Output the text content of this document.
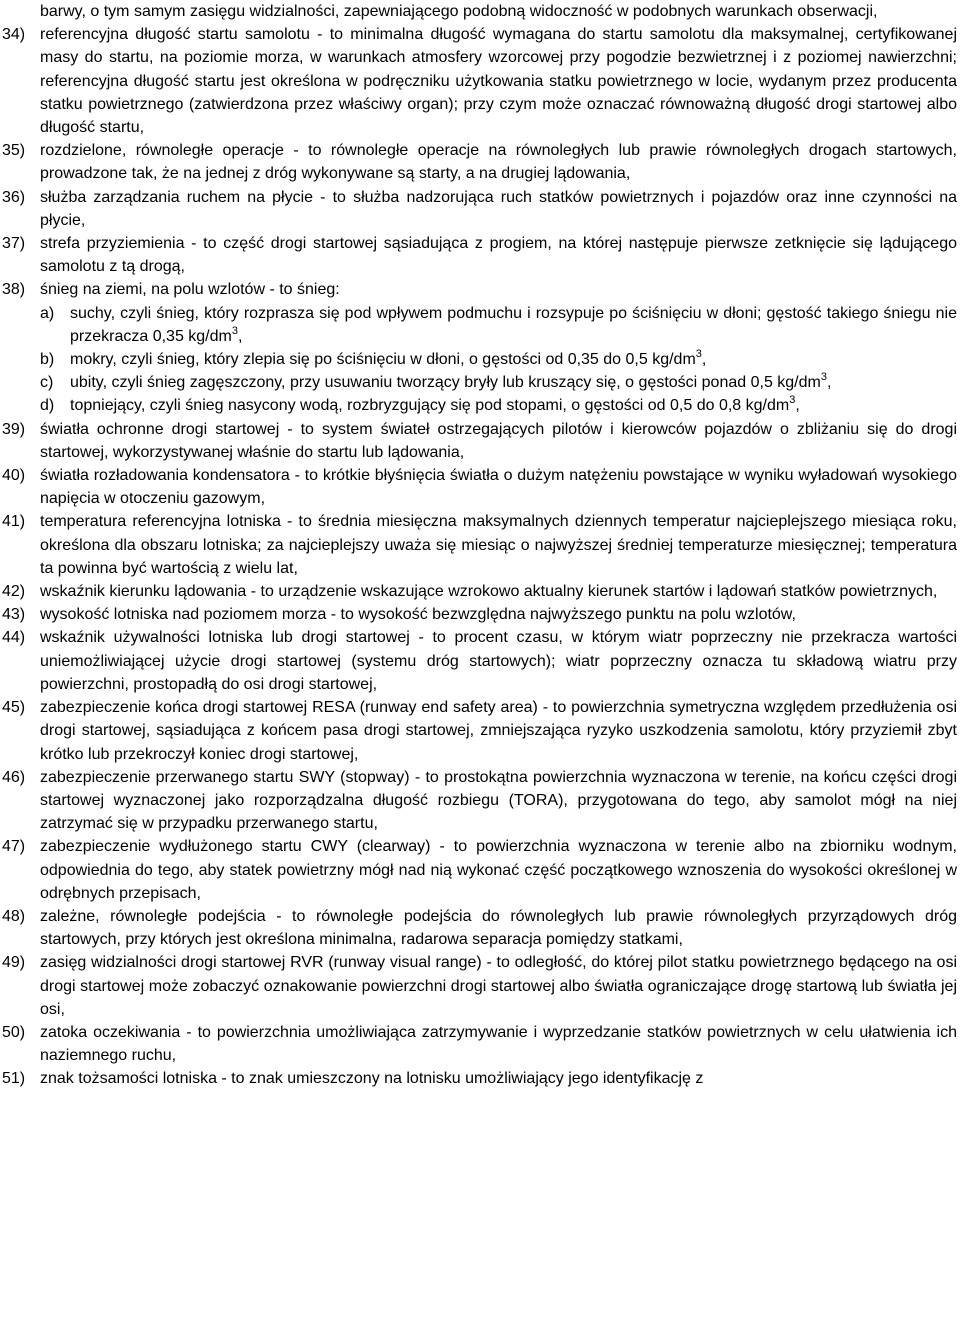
barwy, o tym samym zasięgu widzialności, zapewniającego podobną widoczność w podobnych warunkach obserwacji,
34) referencyjna długość startu samolotu - to minimalna długość wymagana do startu samolotu dla maksymalnej, certyfikowanej masy do startu, na poziomie morza, w warunkach atmosfery wzorcowej przy pogodzie bezwietrznej i z poziomej nawierzchni; referencyjna długość startu jest określona w podręczniku użytkowania statku powietrznego w locie, wydanym przez producenta statku powietrznego (zatwierdzona przez właściwy organ); przy czym może oznaczać równoważną długość drogi startowej albo długość startu,
35) rozdzielone, równoległe operacje - to równoległe operacje na równoległych lub prawie równoległych drogach startowych, prowadzone tak, że na jednej z dróg wykonywane są starty, a na drugiej lądowania,
36) służba zarządzania ruchem na płycie - to służba nadzorująca ruch statków powietrznych i pojazdów oraz inne czynności na płycie,
37) strefa przyziemienia - to część drogi startowej sąsiadująca z progiem, na której następuje pierwsze zetknięcie się lądującego samolotu z tą drogą,
38) śnieg na ziemi, na polu wzlotów - to śnieg:
a) suchy, czyli śnieg, który rozprasza się pod wpływem podmuchu i rozsypuje po ściśnięciu w dłoni; gęstość takiego śniegu nie przekracza 0,35 $kg/dm^3$,
b) mokry, czyli śnieg, który zlepia się po ściśnięciu w dłoni, o gęstości od 0,35 do 0,5 $kg/dm^3$,
c) ubity, czyli śnieg zagęszczony, przy usuwaniu tworzący bryły lub kruszący się, o gęstości ponad 0,5 $kg/dm^3$,
d) topniejący, czyli śnieg nasycony wodą, rozbryzgujący się pod stopami, o gęstości od 0,5 do 0,8 $kg/dm^3$,
39) światła ochronne drogi startowej - to system świateł ostrzegających pilotów i kierowców pojazdów o zbliżaniu się do drogi startowej, wykorzystywanej właśnie do startu lub lądowania,
40) światła rozładowania kondensatora - to krótkie błyśnięcia światła o dużym natężeniu powstające w wyniku wyładowań wysokiego napięcia w otoczeniu gazowym,
41) temperatura referencyjna lotniska - to średnia miesięczna maksymalnych dziennych temperatur najcieplejszego miesiąca roku, określona dla obszaru lotniska; za najcieplejszy uważa się miesiąc o najwyższej średniej temperaturze miesięcznej; temperatura ta powinna być wartością z wielu lat,
42) wskaźnik kierunku lądowania - to urządzenie wskazujące wzrokowo aktualny kierunek startów i lądowań statków powietrznych,
43) wysokość lotniska nad poziomem morza - to wysokość bezwzględna najwyższego punktu na polu wzlotów,
44) wskaźnik używalności lotniska lub drogi startowej - to procent czasu, w którym wiatr poprzeczny nie przekracza wartości uniemożliwiającej użycie drogi startowej (systemu dróg startowych); wiatr poprzeczny oznacza tu składową wiatru przy powierzchni, prostopadłą do osi drogi startowej,
45) zabezpieczenie końca drogi startowej RESA (runway end safety area) - to powierzchnia symetryczna względem przedłużenia osi drogi startowej, sąsiadująca z końcem pasa drogi startowej, zmniejszająca ryzyko uszkodzenia samolotu, który przyziemił zbyt krótko lub przekroczył koniec drogi startowej,
46) zabezpieczenie przerwanego startu SWY (stopway) - to prostokątna powierzchnia wyznaczona w terenie, na końcu części drogi startowej wyznaczonej jako rozporządzalna długość rozbiegu (TORA), przygotowana do tego, aby samolot mógł na niej zatrzymać się w przypadku przerwanego startu,
47) zabezpieczenie wydłużonego startu CWY (clearway) - to powierzchnia wyznaczona w terenie albo na zbiorniku wodnym, odpowiednia do tego, aby statek powietrzny mógł nad nią wykonać część początkowego wznoszenia do wysokości określonej w odrębnych przepisach,
48) zależne, równoległe podejścia - to równoległe podejścia do równoległych lub prawie równoległych przyrządowych dróg startowych, przy których jest określona minimalna, radarowa separacja pomiędzy statkami,
49) zasięg widzialności drogi startowej RVR (runway visual range) - to odległość, do której pilot statku powietrznego będącego na osi drogi startowej może zobaczyć oznakowanie powierzchni drogi startowej albo światła ograniczające drogę startową lub światła jej osi,
50) zatoka oczekiwania - to powierzchnia umożliwiająca zatrzymywanie i wyprzedzanie statków powietrznych w celu ułatwienia ich naziemnego ruchu,
51) znak tożsamości lotniska - to znak umieszczony na lotnisku umożliwiający jego identyfikację z
